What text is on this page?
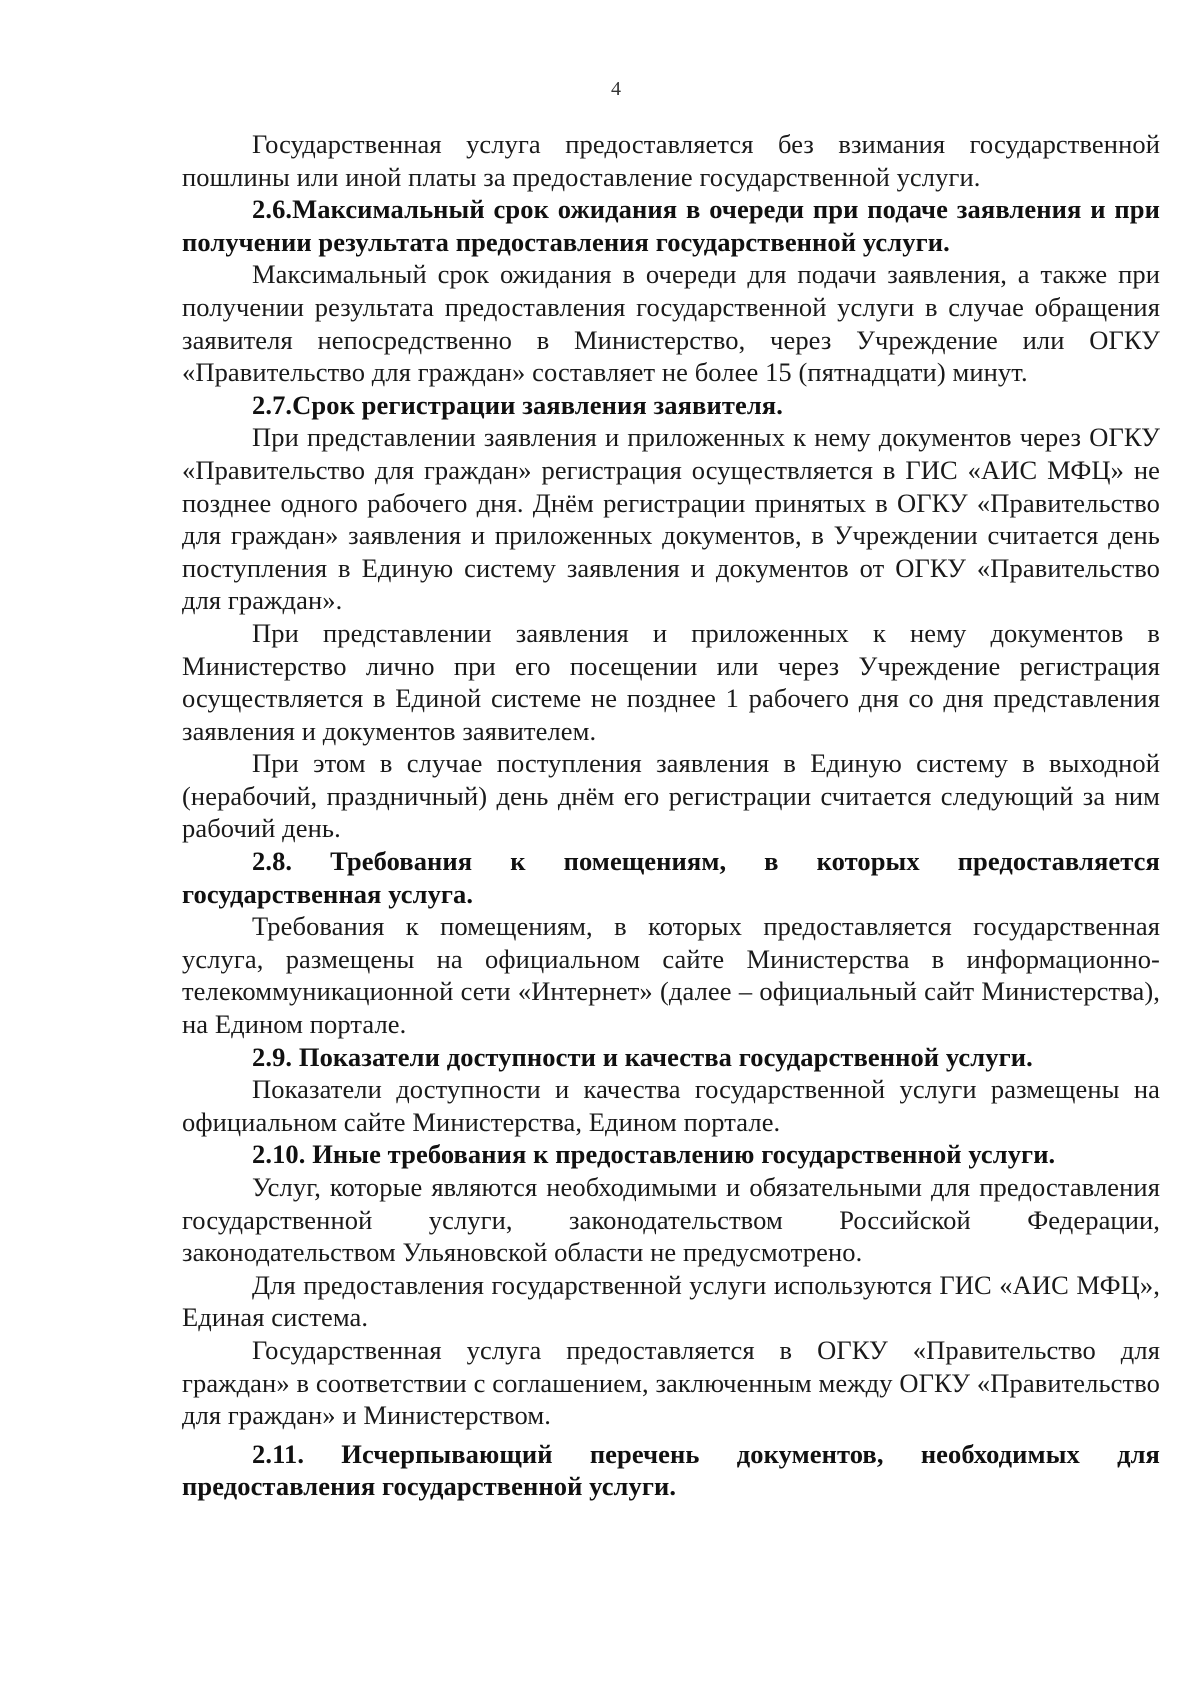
4

Государственная услуга предоставляется без взимания государственной пошлины или иной платы за предоставление государственной услуги.

2.6.Максимальный срок ожидания в очереди при подаче заявления и при получении результата предоставления государственной услуги.

Максимальный срок ожидания в очереди для подачи заявления, а также при получении результата предоставления государственной услуги в случае обращения заявителя непосредственно в Министерство, через Учреждение или ОГКУ «Правительство для граждан» составляет не более 15 (пятнадцати) минут.

2.7.Срок регистрации заявления заявителя.

При представлении заявления и приложенных к нему документов через ОГКУ «Правительство для граждан» регистрация осуществляется в ГИС «АИС МФЦ» не позднее одного рабочего дня. Днём регистрации принятых в ОГКУ «Правительство для граждан» заявления и приложенных документов, в Учреждении считается день поступления в Единую систему заявления и документов от ОГКУ «Правительство для граждан».

При представлении заявления и приложенных к нему документов в Министерство лично при его посещении или через Учреждение регистрация осуществляется в Единой системе не позднее 1 рабочего дня со дня представления заявления и документов заявителем.

При этом в случае поступления заявления в Единую систему в выходной (нерабочий, праздничный) день днём его регистрации считается следующий за ним рабочий день.

2.8. Требования к помещениям, в которых предоставляется государственная услуга.

Требования к помещениям, в которых предоставляется государственная услуга, размещены на официальном сайте Министерства в информационно-телекоммуникационной сети «Интернет» (далее – официальный сайт Министерства), на Едином портале.

2.9. Показатели доступности и качества государственной услуги.

Показатели доступности и качества государственной услуги размещены на официальном сайте Министерства, Едином портале.

2.10. Иные требования к предоставлению государственной услуги.

Услуг, которые являются необходимыми и обязательными для предоставления государственной услуги, законодательством Российской Федерации, законодательством Ульяновской области не предусмотрено.

Для предоставления государственной услуги используются ГИС «АИС МФЦ», Единая система.

Государственная услуга предоставляется в ОГКУ «Правительство для граждан» в соответствии с соглашением, заключенным между ОГКУ «Правительство для граждан» и Министерством.

2.11. Исчерпывающий перечень документов, необходимых для предоставления государственной услуги.
